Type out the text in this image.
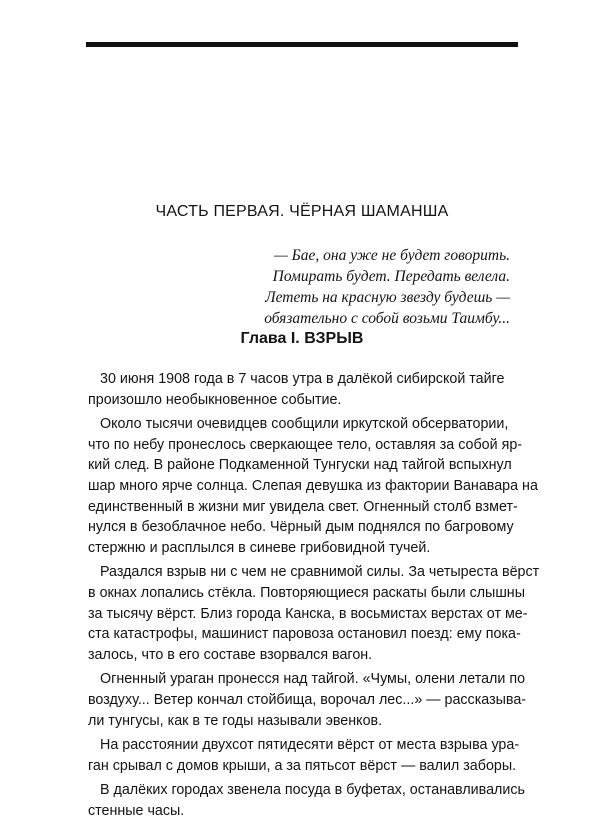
ЧАСТЬ ПЕРВАЯ. ЧЁРНАЯ ШАМАНША
— Бае, она уже не будет говорить.
Помирать будет. Передать велела.
Лететь на красную звезду будешь —
обязательно с собой возьми Таимбу...
Глава I. ВЗРЫВ
30 июня 1908 года в 7 часов утра в далёкой сибирской тайге
произошло необыкновенное событие.
Около тысячи очевидцев сообщили иркутской обсерватории,
что по небу пронеслось сверкающее тело, оставляя за собой яр-
кий след. В районе Подкаменной Тунгуски над тайгой вспыхнул
шар много ярче солнца. Слепая девушка из фактории Ванавара на
единственный в жизни миг увидела свет. Огненный столб взмет-
нулся в безоблачное небо. Чёрный дым поднялся по багровому
стержню и расплылся в синеве грибовидной тучей.
Раздался взрыв ни с чем не сравнимой силы. За четыреста вёрст
в окнах лопались стёкла. Повторяющиеся раскаты были слышны
за тысячу вёрст. Близ города Канска, в восьмистах верстах от ме-
ста катастрофы, машинист паровоза остановил поезд: ему пока-
залось, что в его составе взорвался вагон.
Огненный ураган пронесся над тайгой. «Чумы, олени летали по
воздуху... Ветер кончал стойбища, ворочал лес...» — рассказыва-
ли тунгусы, как в те годы называли эвенков.
На расстоянии двухсот пятидесяти вёрст от места взрыва ура-
ган срывал с домов крыши, а за пятьсот вёрст — валил заборы.
В далёких городах звенела посуда в буфетах, останавливались
стенные часы.
